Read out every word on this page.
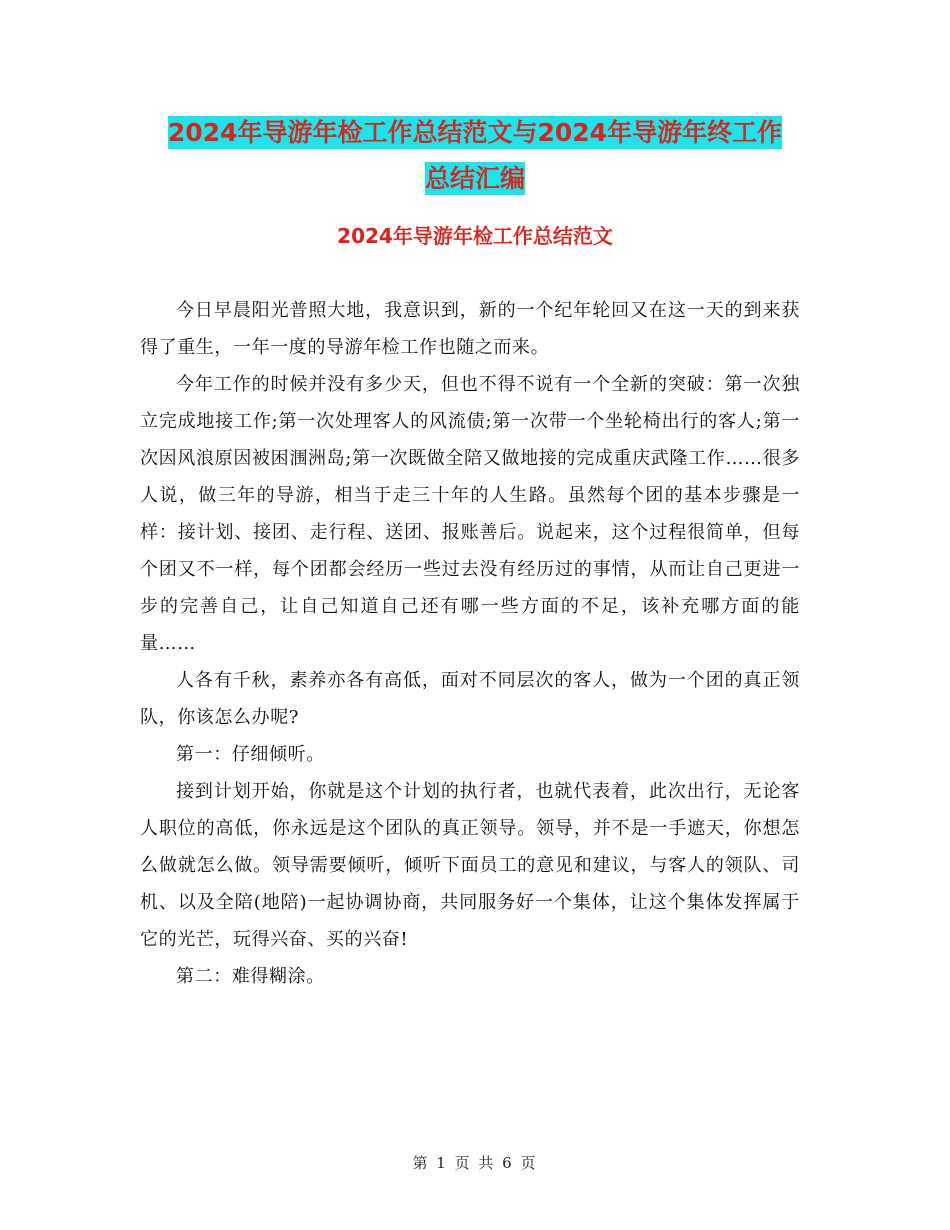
2024年导游年检工作总结范文与2024年导游年终工作
总结汇编
2024年导游年检工作总结范文

今日早晨阳光普照大地，我意识到，新的一个纪年轮回又在这一天的到来获得了重生，一年一度的导游年检工作也随之而来。

今年工作的时候并没有多少天，但也不得不说有一个全新的突破：第一次独立完成地接工作;第一次处理客人的风流债;第一次带一个坐轮椅出行的客人;第一次因风浪原因被困涠洲岛;第一次既做全陪又做地接的完成重庆武隆工作……很多人说，做三年的导游，相当于走三十年的人生路。虽然每个团的基本步骤是一样：接计划、接团、走行程、送团、报账善后。说起来，这个过程很简单，但每个团又不一样，每个团都会经历一些过去没有经历过的事情，从而让自己更进一步的完善自己，让自己知道自己还有哪一些方面的不足，该补充哪方面的能量……

人各有千秋，素养亦各有高低，面对不同层次的客人，做为一个团的真正领队，你该怎么办呢?

第一：仔细倾听。

接到计划开始，你就是这个计划的执行者，也就代表着，此次出行，无论客人职位的高低，你永远是这个团队的真正领导。领导，并不是一手遮天，你想怎么做就怎么做。领导需要倾听，倾听下面员工的意见和建议，与客人的领队、司机、以及全陪(地陪)一起协调协商，共同服务好一个集体，让这个集体发挥属于它的光芒，玩得兴奋、买的兴奋!

第二：难得糊涂。

第 1 页 共 6 页
